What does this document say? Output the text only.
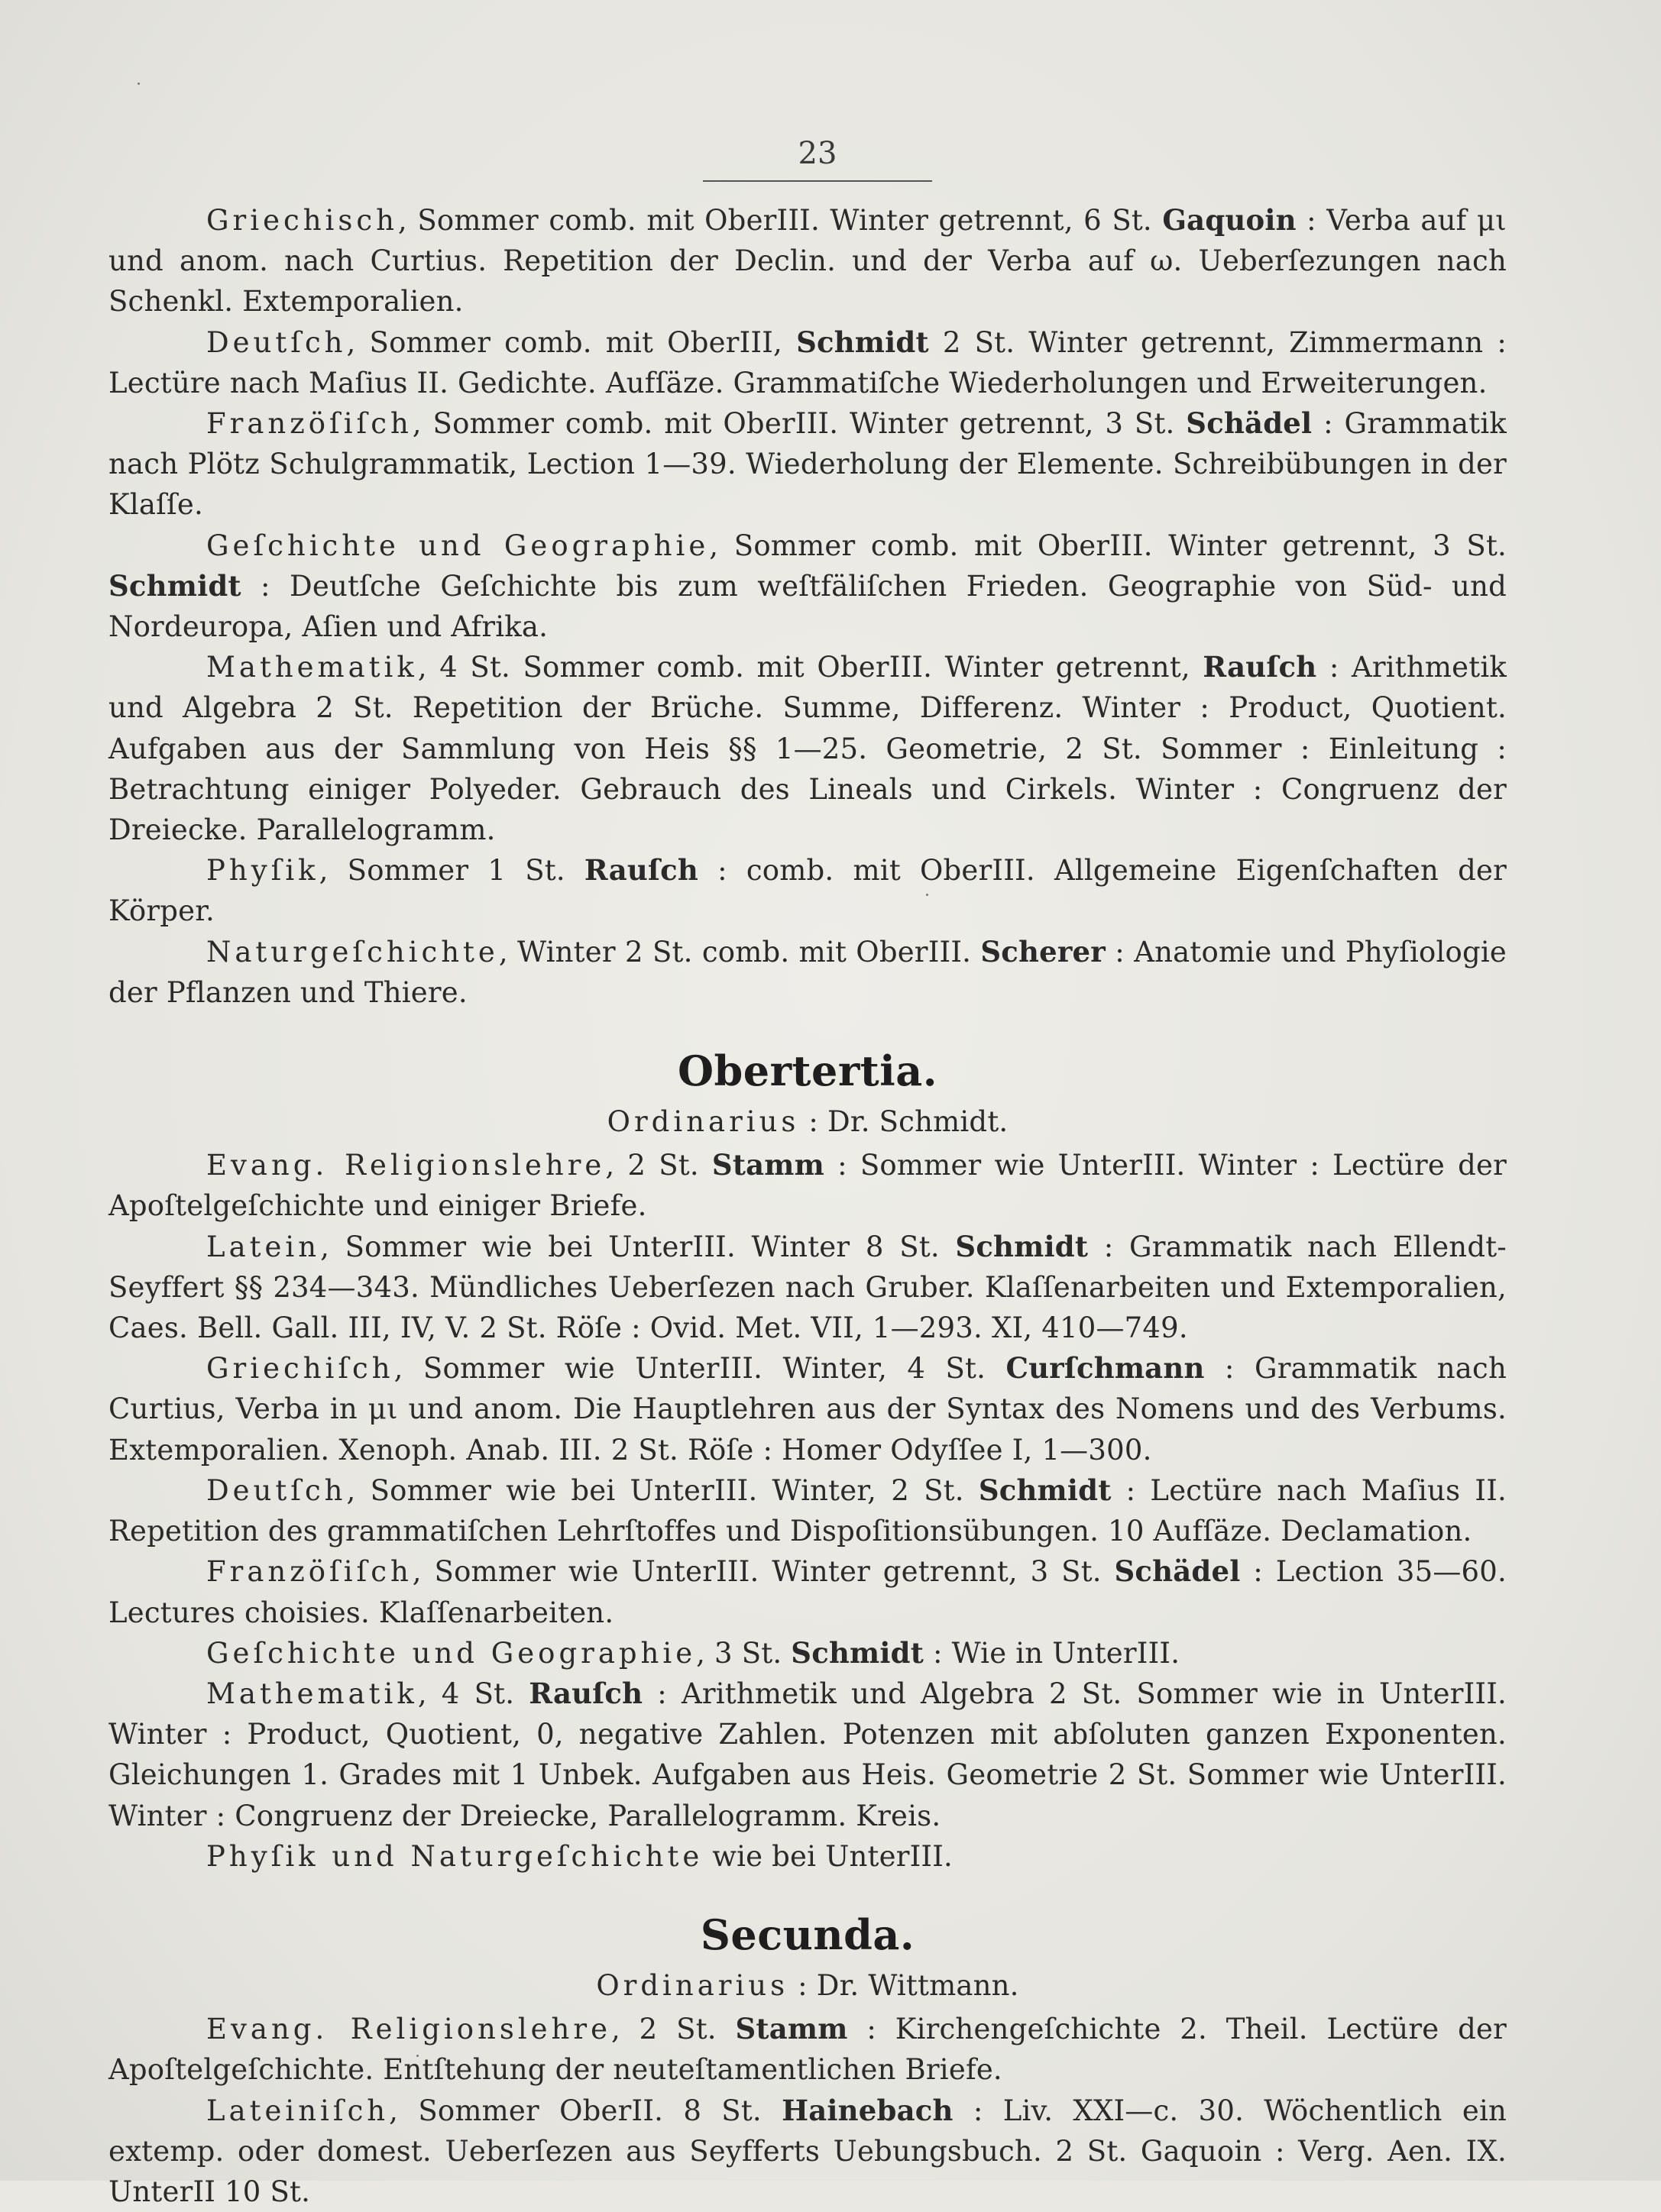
23

Griechisch, Sommer comb. mit OberIII. Winter getrennt, 6 St. Gaquoin : Verba auf μι und anom. nach Curtius. Repetition der Declin. und der Verba auf ω. Ueberſezungen nach Schenkl. Extemporalien.

Deutſch, Sommer comb. mit OberIII, Schmidt 2 St. Winter getrennt, Zimmermann : Lectüre nach Maſius II. Gedichte. Aufſäze. Grammatiſche Wiederholungen und Erweiterungen.

Franzöſiſch, Sommer comb. mit OberIII. Winter getrennt, 3 St. Schädel : Grammatik nach Plötz Schulgrammatik, Lection 1—39. Wiederholung der Elemente. Schreibübungen in der Klaſſe.

Geſchichte und Geographie, Sommer comb. mit OberIII. Winter getrennt, 3 St. Schmidt : Deutſche Geſchichte bis zum weſtfäliſchen Frieden. Geographie von Süd- und Nordeuropa, Aſien und Afrika.

Mathematik, 4 St. Sommer comb. mit OberIII. Winter getrennt, Rauſch : Arithmetik und Algebra 2 St. Repetition der Brüche. Summe, Differenz. Winter : Product, Quotient. Aufgaben aus der Sammlung von Heis §§ 1—25. Geometrie, 2 St. Sommer : Einleitung : Betrachtung einiger Polyeder. Gebrauch des Lineals und Cirkels. Winter : Congruenz der Dreiecke. Parallelogramm.

Phyſik, Sommer 1 St. Rauſch : comb. mit OberIII. Allgemeine Eigenſchaften der Körper.

Naturgeſchichte, Winter 2 St. comb. mit OberIII. Scherer : Anatomie und Phyſiologie der Pflanzen und Thiere.

Obertertia.

Ordinarius : Dr. Schmidt.

Evang. Religionslehre, 2 St. Stamm : Sommer wie UnterIII. Winter : Lectüre der Apoſtelgeſchichte und einiger Briefe.

Latein, Sommer wie bei UnterIII. Winter 8 St. Schmidt : Grammatik nach Ellendt-Seyffert §§ 234—343. Mündliches Ueberſezen nach Gruber. Klaſſenarbeiten und Extemporalien, Caes. Bell. Gall. III, IV, V. 2 St. Röſe : Ovid. Met. VII, 1—293. XI, 410—749.

Griechiſch, Sommer wie UnterIII. Winter, 4 St. Curſchmann : Grammatik nach Curtius, Verba in μι und anom. Die Hauptlehren aus der Syntax des Nomens und des Verbums. Extemporalien. Xenoph. Anab. III. 2 St. Röſe : Homer Odyſſee I, 1—300.

Deutſch, Sommer wie bei UnterIII. Winter, 2 St. Schmidt : Lectüre nach Maſius II. Repetition des grammatiſchen Lehrſtoffes und Dispoſitionsübungen. 10 Aufſäze. Declamation.

Franzöſiſch, Sommer wie UnterIII. Winter getrennt, 3 St. Schädel : Lection 35—60. Lectures choisies. Klaſſenarbeiten.

Geſchichte und Geographie, 3 St. Schmidt : Wie in UnterIII.

Mathematik, 4 St. Rauſch : Arithmetik und Algebra 2 St. Sommer wie in UnterIII. Winter : Product, Quotient, 0, negative Zahlen. Potenzen mit abſoluten ganzen Exponenten. Gleichungen 1. Grades mit 1 Unbek. Aufgaben aus Heis. Geometrie 2 St. Sommer wie UnterIII. Winter : Congruenz der Dreiecke, Parallelogramm. Kreis.

Phyſik und Naturgeſchichte wie bei UnterIII.

Secunda.

Ordinarius : Dr. Wittmann.

Evang. Religionslehre, 2 St. Stamm : Kirchengeſchichte 2. Theil. Lectüre der Apoſtelgeſchichte. Entſtehung der neuteſtamentlichen Briefe.

Lateiniſch, Sommer OberII. 8 St. Hainebach : Liv. XXI—c. 30. Wöchentlich ein extemp. oder domest. Ueberſezen aus Seyfferts Uebungsbuch. 2 St. Gaquoin : Verg. Aen. IX. UnterII 10 St.
